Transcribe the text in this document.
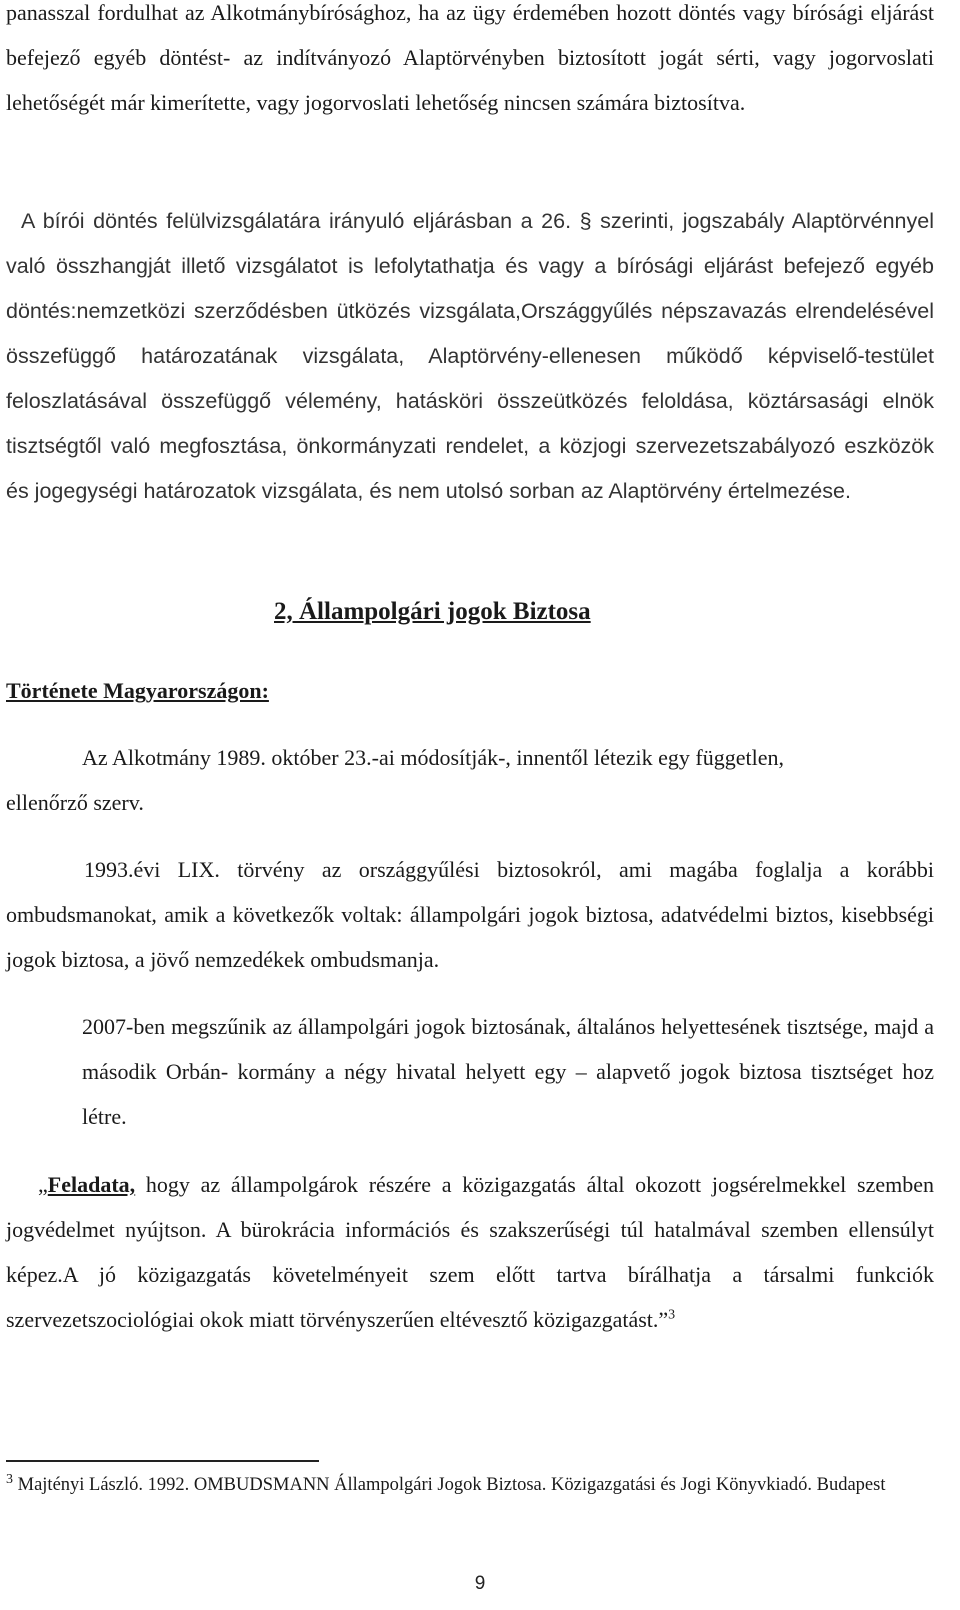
panasszal fordulhat az Alkotmánybírósághoz, ha az ügy érdemében hozott döntés vagy bírósági eljárást befejező egyéb döntést- az indítványozó Alaptörvényben biztosított jogát sérti, vagy jogorvoslati lehetőségét már kimerítette, vagy jogorvoslati lehetőség nincsen számára biztosítva.

A bírói döntés felülvizsgálatára irányuló eljárásban a 26. § szerinti, jogszabály Alaptörvénnyel való összhangját illető vizsgálatot is lefolytathatja és vagy a bírósági eljárást befejező egyéb döntés:nemzetközi szerződésben ütközés vizsgálata,Országgyűlés népszavazás elrendelésével összefüggő határozatának vizsgálata, Alaptörvény-ellenesen működő képviselő-testület feloszlatásával összefüggő vélemény, hatásköri összeütközés feloldása, köztársasági elnök tisztségtől való megfosztása, önkormányzati rendelet, a közjogi szervezetszabályozó eszközök és jogegységi határozatok vizsgálata, és nem utolsó sorban az Alaptörvény értelmezése.

2, Állampolgári jogok Biztosa
Története Magyarországon:

Az Alkotmány 1989. október 23.-ai módosítják-, innentől létezik egy független,

ellenőrző szerv.

1993.évi LIX. törvény az országgyűlési biztosokról, ami magába foglalja a korábbi ombudsmanokat, amik a következők voltak: állampolgári jogok biztosa, adatvédelmi biztos, kisebbségi jogok biztosa, a jövő nemzedékek ombudsmanja.

2007-ben megszűnik az állampolgári jogok biztosának, általános helyettesének tisztsége, majd a második Orbán- kormány a négy hivatal helyett egy – alapvető jogok biztosa tisztséget hoz létre.

„Feladata, hogy az állampolgárok részére a közigazgatás által okozott jogsérelmekkel szemben jogvédelmet nyújtson. A bürokrácia információs és szakszerűségi túl hatalmával szemben ellensúlyt képez.A jó közigazgatás követelményeit szem előtt tartva bírálhatja a társalmi funkciók szervezetszociológiai okok miatt törvényszerűen eltévesztő közigazgatást.”$^3$

$^3$ Majtényi László. 1992. OMBUDSMANN Állampolgári Jogok Biztosa. Közigazgatási és Jogi Könyvkiadó. Budapest

9
